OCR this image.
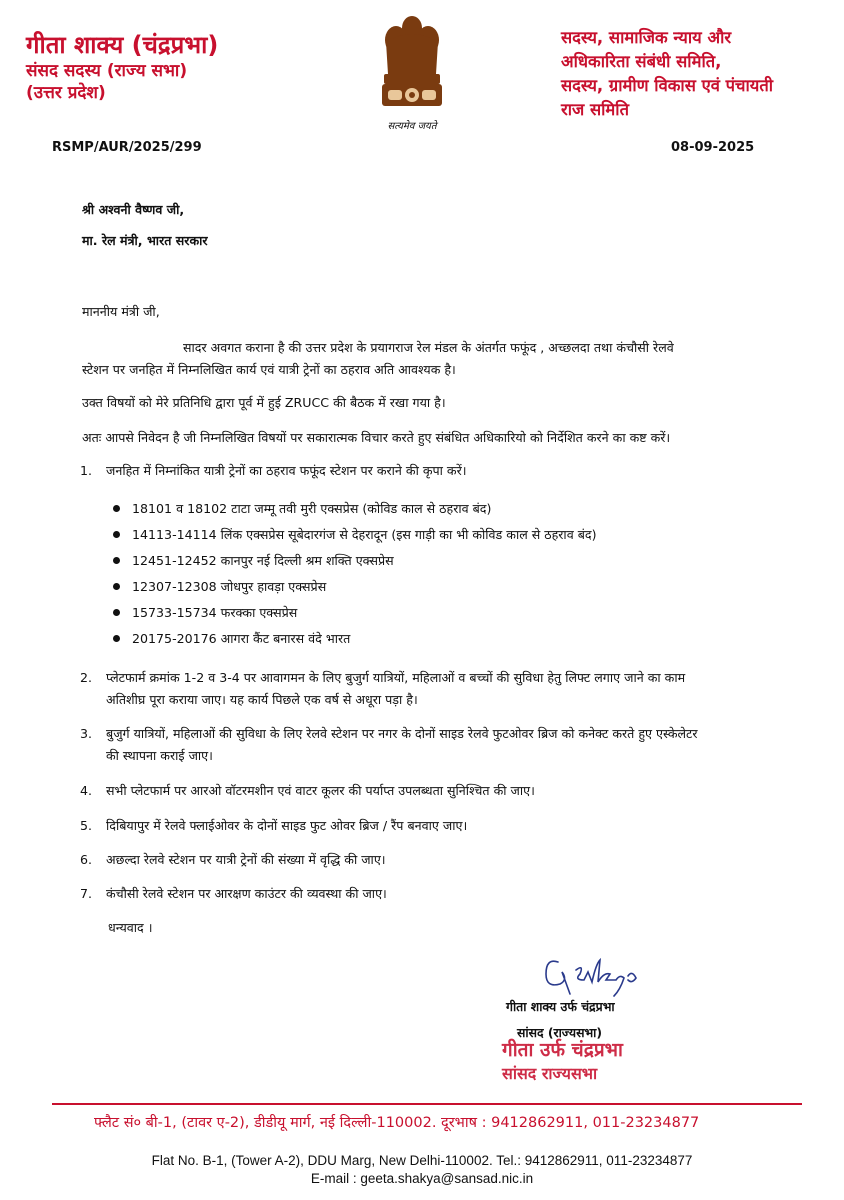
गीता शाक्य (चंद्रप्रभा)
संसद सदस्य (राज्य सभा)
(उत्तर प्रदेश)
सत्यमेव जयते
सदस्य, सामाजिक न्याय और
अधिकारिता संबंधी समिति,
सदस्य, ग्रामीण विकास एवं पंचायती
राज समिति
RSMP/AUR/2025/299	08-09-2025
श्री अश्वनी वैष्णव जी,
मा. रेल मंत्री, भारत सरकार
माननीय मंत्री जी,
सादर अवगत कराना है की उत्तर प्रदेश के प्रयागराज रेल मंडल के अंतर्गत फफूंद , अच्छलदा तथा कंचौसी रेलवे
स्टेशन पर जनहित में निम्नलिखित कार्य एवं यात्री ट्रेनों का ठहराव अति आवश्यक है।
उक्त विषयों को मेरे प्रतिनिधि द्वारा पूर्व में हुई ZRUCC की बैठक में रखा गया है।
अतः आपसे निवेदन है जी निम्नलिखित विषयों पर सकारात्मक विचार करते हुए संबंधित अधिकारियो को निर्देशित करने का कष्ट करें।
1. जनहित में निम्नांकित यात्री ट्रेनों का ठहराव फफूंद स्टेशन पर कराने की कृपा करें।
18101 व 18102 टाटा जम्मू तवी मुरी एक्सप्रेस (कोविड काल से ठहराव बंद)
14113-14114 लिंक एक्सप्रेस सूबेदारगंज से देहरादून (इस गाड़ी का भी कोविड काल से ठहराव बंद)
12451-12452 कानपुर नई दिल्ली श्रम शक्ति एक्सप्रेस
12307-12308 जोधपुर हावड़ा एक्सप्रेस
15733-15734 फरक्का एक्सप्रेस
20175-20176 आगरा कैंट बनारस वंदे भारत
2. प्लेटफार्म क्रमांक 1-2 व 3-4 पर आवागमन के लिए बुजुर्ग यात्रियों, महिलाओं व बच्चों की सुविधा हेतु लिफ्ट लगाए जाने का काम
अतिशीघ्र पूरा कराया जाए। यह कार्य पिछले एक वर्ष से अधूरा पड़ा है।
3. बुजुर्ग यात्रियों, महिलाओं की सुविधा के लिए रेलवे स्टेशन पर नगर के दोनों साइड रेलवे फुटओवर ब्रिज को कनेक्ट करते हुए एस्केलेटर
की स्थापना कराई जाए।
4. सभी प्लेटफार्म पर आरओ वॉटरमशीन एवं वाटर कूलर की पर्याप्त उपलब्धता सुनिश्चित की जाए।
5. दिबियापुर में रेलवे फ्लाईओवर के दोनों साइड फुट ओवर ब्रिज / रैंप बनवाए जाए।
6. अछल्दा रेलवे स्टेशन पर यात्री ट्रेनों की संख्या में वृद्धि की जाए।
7. कंचौसी रेलवे स्टेशन पर आरक्षण काउंटर की व्यवस्था की जाए।
धन्यवाद ।
गीता शाक्य उर्फ चंद्रप्रभा
सांसद (राज्यसभा)
गीता उर्फ चंद्रप्रभा
सांसद राज्यसभा
फ्लैट सं० बी-1, (टावर ए-2), डीडीयू मार्ग, नई दिल्ली-110002. दूरभाष : 9412862911, 011-23234877
Flat No. B-1, (Tower A-2), DDU Marg, New Delhi-110002. Tel.: 9412862911, 011-23234877
E-mail : geeta.shakya@sansad.nic.in
